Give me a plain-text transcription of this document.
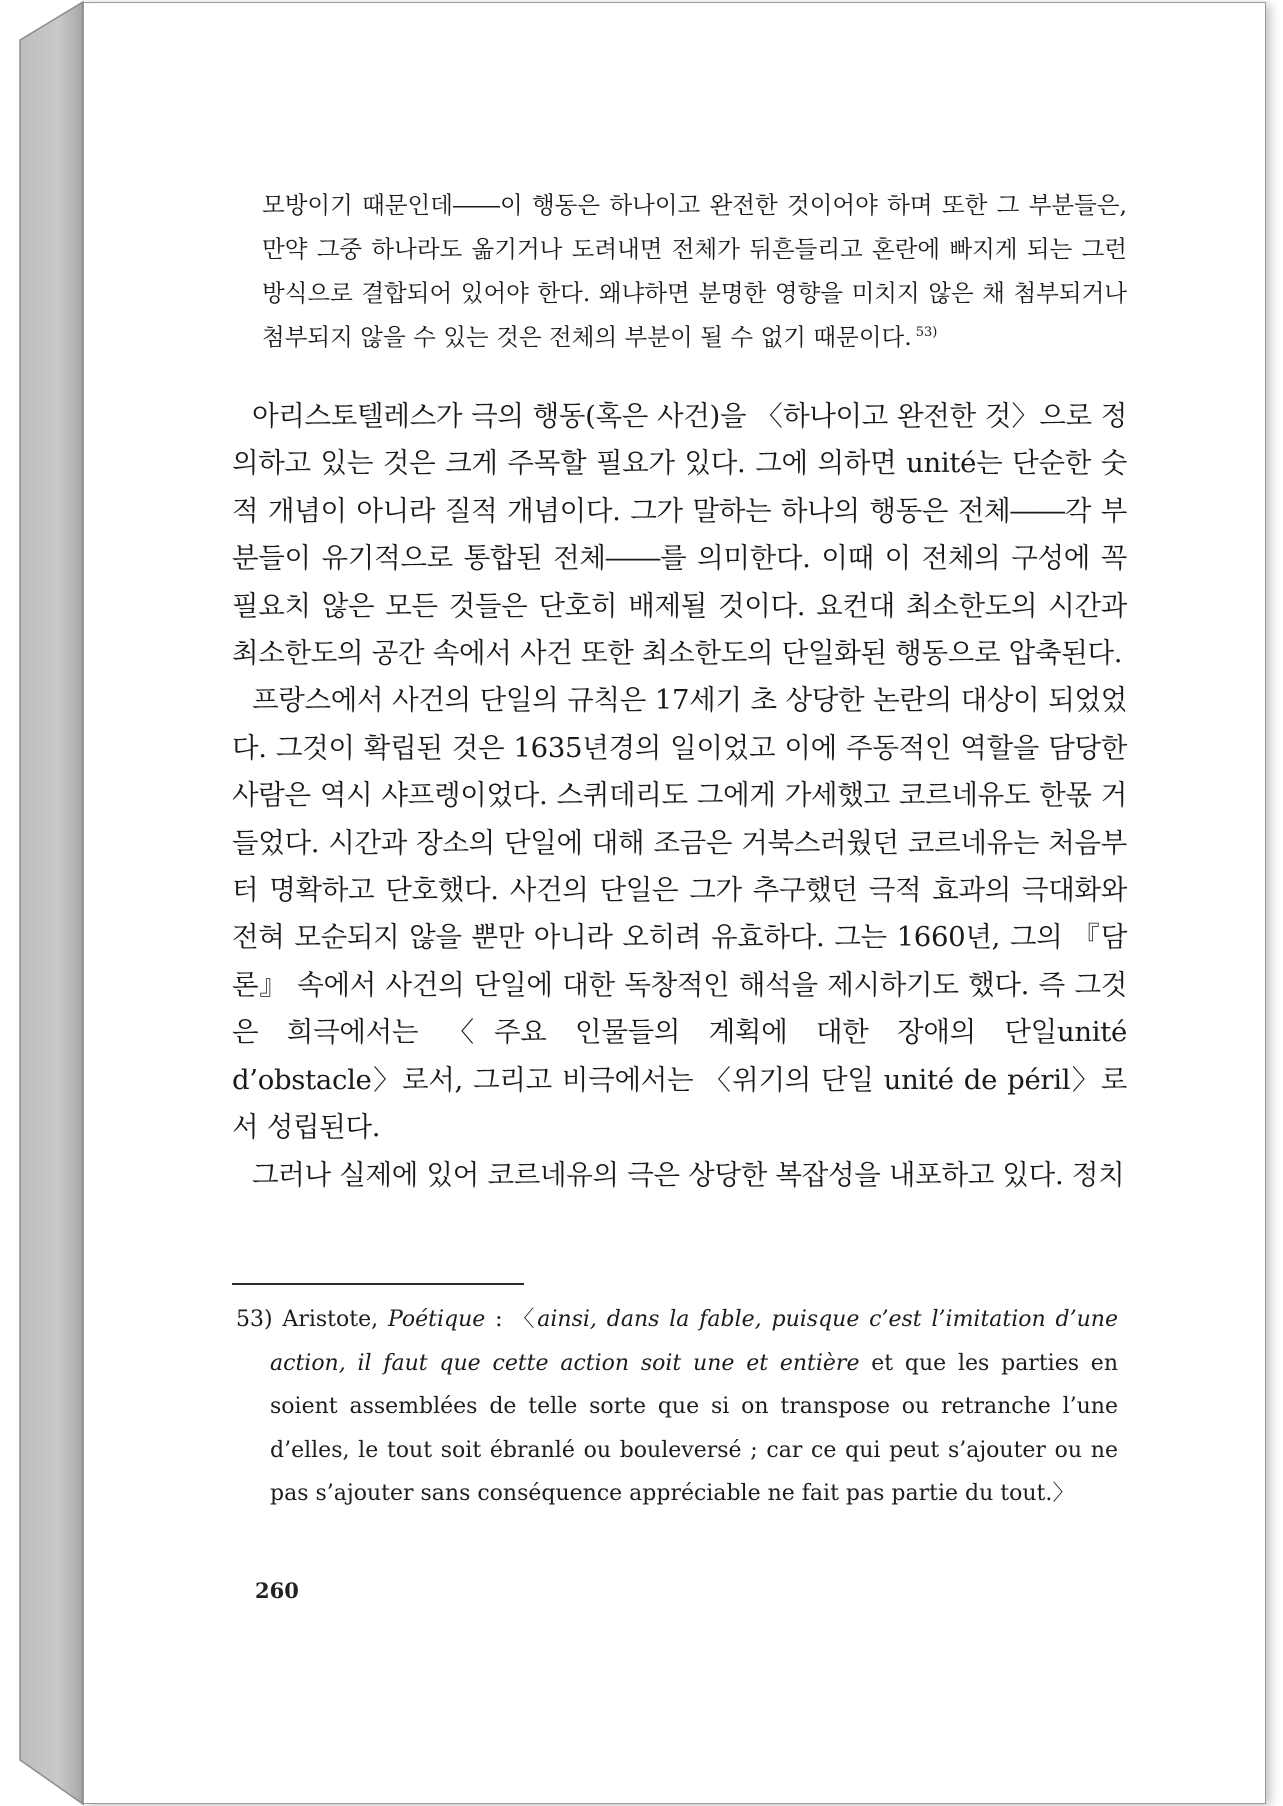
모방이기 때문인데――이 행동은 하나이고 완전한 것이어야 하며 또한 그 부분들은, 만약 그중 하나라도 옮기거나 도려내면 전체가 뒤흔들리고 혼란에 빠지게 되는 그런 방식으로 결합되어 있어야 한다. 왜냐하면 분명한 영향을 미치지 않은 채 첨부되거나 첨부되지 않을 수 있는 것은 전체의 부분이 될 수 없기 때문이다. $^{53)}$

아리스토텔레스가 극의 행동(혹은 사건)을 〈하나이고 완전한 것〉으로 정의하고 있는 것은 크게 주목할 필요가 있다. 그에 의하면 unité는 단순한 숫적 개념이 아니라 질적 개념이다. 그가 말하는 하나의 행동은 전체――각 부분들이 유기적으로 통합된 전체――를 의미한다. 이때 이 전체의 구성에 꼭 필요치 않은 모든 것들은 단호히 배제될 것이다. 요컨대 최소한도의 시간과 최소한도의 공간 속에서 사건 또한 최소한도의 단일화된 행동으로 압축된다.

프랑스에서 사건의 단일의 규칙은 17세기 초 상당한 논란의 대상이 되었었다. 그것이 확립된 것은 1635년경의 일이었고 이에 주동적인 역할을 담당한 사람은 역시 샤프렝이었다. 스퀴데리도 그에게 가세했고 코르네유도 한몫 거들었다. 시간과 장소의 단일에 대해 조금은 거북스러웠던 코르네유는 처음부터 명확하고 단호했다. 사건의 단일은 그가 추구했던 극적 효과의 극대화와 전혀 모순되지 않을 뿐만 아니라 오히려 유효하다. 그는 1660년, 그의 『담론』 속에서 사건의 단일에 대한 독창적인 해석을 제시하기도 했다. 즉 그것은 희극에서는 〈주요 인물들의 계획에 대한 장애의 단일unité d’obstacle〉로서, 그리고 비극에서는 〈위기의 단일 unité de péril〉로서 성립된다.

그러나 실제에 있어 코르네유의 극은 상당한 복잡성을 내포하고 있다. 정치

53) Aristote, Poétique : 〈ainsi, dans la fable, puisque c’est l’imitation d’une action, il faut que cette action soit une et entière et que les parties en soient assemblées de telle sorte que si on transpose ou retranche l’une d’elles, le tout soit ébranlé ou bouleversé ; car ce qui peut s’ajouter ou ne pas s’ajouter sans conséquence appréciable ne fait pas partie du tout.〉
260
